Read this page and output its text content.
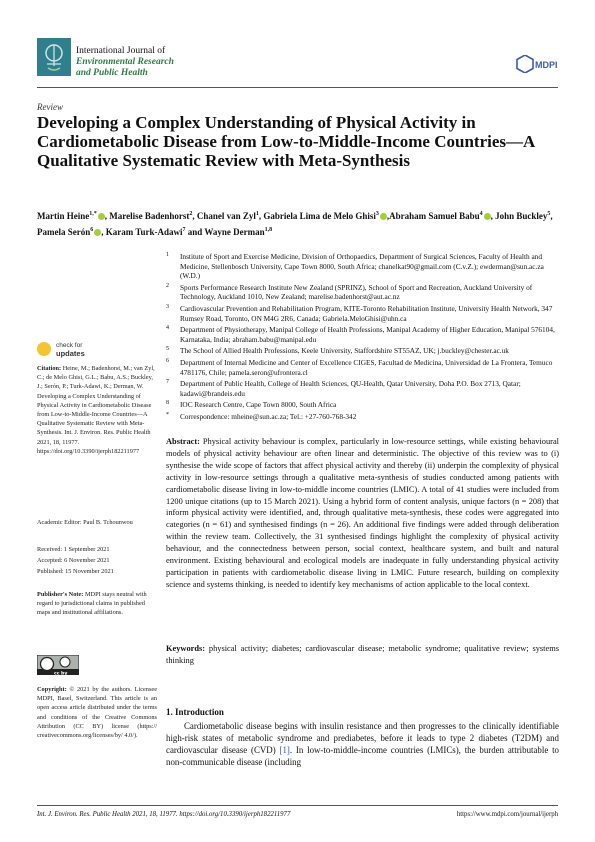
International Journal of
Environmental Research
and Public Health
MDPI
Review
Developing a Complex Understanding of Physical Activity in Cardiometabolic Disease from Low-to-Middle-Income Countries—A Qualitative Systematic Review with Meta-Synthesis
Martin Heine$^{1,*}$ , Marelise Badenhorst$^2$, Chanel van Zyl$^1$, Gabriela Lima de Melo Ghisi$^3$ ,Abraham Samuel Babu$^4$ , John Buckley$^5$, Pamela Serón$^6$ , Karam Turk-Adawi$^7$ and Wayne Derman$^{1,8}$
1 Institute of Sport and Exercise Medicine, Division of Orthopaedics, Department of Surgical Sciences, Faculty of Health and Medicine, Stellenbosch University, Cape Town 8000, South Africa; chanelkat90@gmail.com (C.v.Z.); ewderman@sun.ac.za (W.D.)
2 Sports Performance Research Institute New Zealand (SPRINZ), School of Sport and Recreation, Auckland University of Technology, Auckland 1010, New Zealand; marelise.badenhorst@aut.ac.nz
3 Cardiovascular Prevention and Rehabilitation Program, KITE-Toronto Rehabilitation Institute, University Health Network, 347 Rumsey Road, Toronto, ON M4G 2R6, Canada; Gabriela.MeloGhisi@uhn.ca
4 Department of Physiotherapy, Manipal College of Health Professions, Manipal Academy of Higher Education, Manipal 576104, Karnataka, India; abraham.babu@manipal.edu
5 The School of Allied Health Professions, Keele University, Staffordshire ST55AZ, UK; j.buckley@chester.ac.uk
6 Department of Internal Medicine and Center of Excellence CIGES, Facultad de Medicina, Universidad de La Frontera, Temuco 4781176, Chile; pamela.seron@ufrontera.cl
7 Department of Public Health, College of Health Sciences, QU-Health, Qatar University, Doha P.O. Box 2713, Qatar; kadawi@brandeis.edu
8 IOC Research Centre, Cape Town 8000, South Africa
* Correspondence: mheine@sun.ac.za; Tel.: +27-760-768-342
check for
updates
Citation: Heine, M.; Badenhorst, M.; van Zyl, C.; de Melo Ghisi, G.L.; Babu, A.S.; Buckley, J.; Serón, P.; Turk-Adawi, K.; Derman, W. Developing a Complex Understanding of Physical Activity in Cardiometabolic Disease from Low-to-Middle-Income Countries—A Qualitative Systematic Review with Meta-Synthesis. Int. J. Environ. Res. Public Health 2021, 18, 11977. https://doi.org/10.3390/ijerph182211977
Academic Editor: Paul B. Tchounwou
Received: 1 September 2021
Accepted: 6 November 2021
Published: 15 November 2021
Publisher's Note: MDPI stays neutral with regard to jurisdictional claims in published maps and institutional affiliations.
cc by
Copyright: © 2021 by the authors. Licensee MDPI, Basel, Switzerland. This article is an open access article distributed under the terms and conditions of the Creative Commons Attribution (CC BY) license (https:// creativecommons.org/licenses/by/ 4.0/).
Abstract: Physical activity behaviour is complex, particularly in low-resource settings, while existing behavioural models of physical activity behaviour are often linear and deterministic. The objective of this review was to (i) synthesise the wide scope of factors that affect physical activity and thereby (ii) underpin the complexity of physical activity in low-resource settings through a qualitative meta-synthesis of studies conducted among patients with cardiometabolic disease living in low-to-middle income countries (LMIC). A total of 41 studies were included from 1200 unique citations (up to 15 March 2021). Using a hybrid form of content analysis, unique factors (n = 208) that inform physical activity were identified, and, through qualitative meta-synthesis, these codes were aggregated into categories (n = 61) and synthesised findings (n = 26). An additional five findings were added through deliberation within the review team. Collectively, the 31 synthesised findings highlight the complexity of physical activity behaviour, and the connectedness between person, social context, healthcare system, and built and natural environment. Existing behavioural and ecological models are inadequate in fully understanding physical activity participation in patients with cardiometabolic disease living in LMIC. Future research, building on complexity science and systems thinking, is needed to identify key mechanisms of action applicable to the local context.
Keywords: physical activity; diabetes; cardiovascular disease; metabolic syndrome; qualitative review; systems thinking
1. Introduction
Cardiometabolic disease begins with insulin resistance and then progresses to the clinically identifiable high-risk states of metabolic syndrome and prediabetes, before it leads to type 2 diabetes (T2DM) and cardiovascular disease (CVD) [1]. In low-to-middle-income countries (LMICs), the burden attributable to non-communicable disease (including
Int. J. Environ. Res. Public Health 2021, 18, 11977. https://doi.org/10.3390/ijerph182211977	https://www.mdpi.com/journal/ijerph
